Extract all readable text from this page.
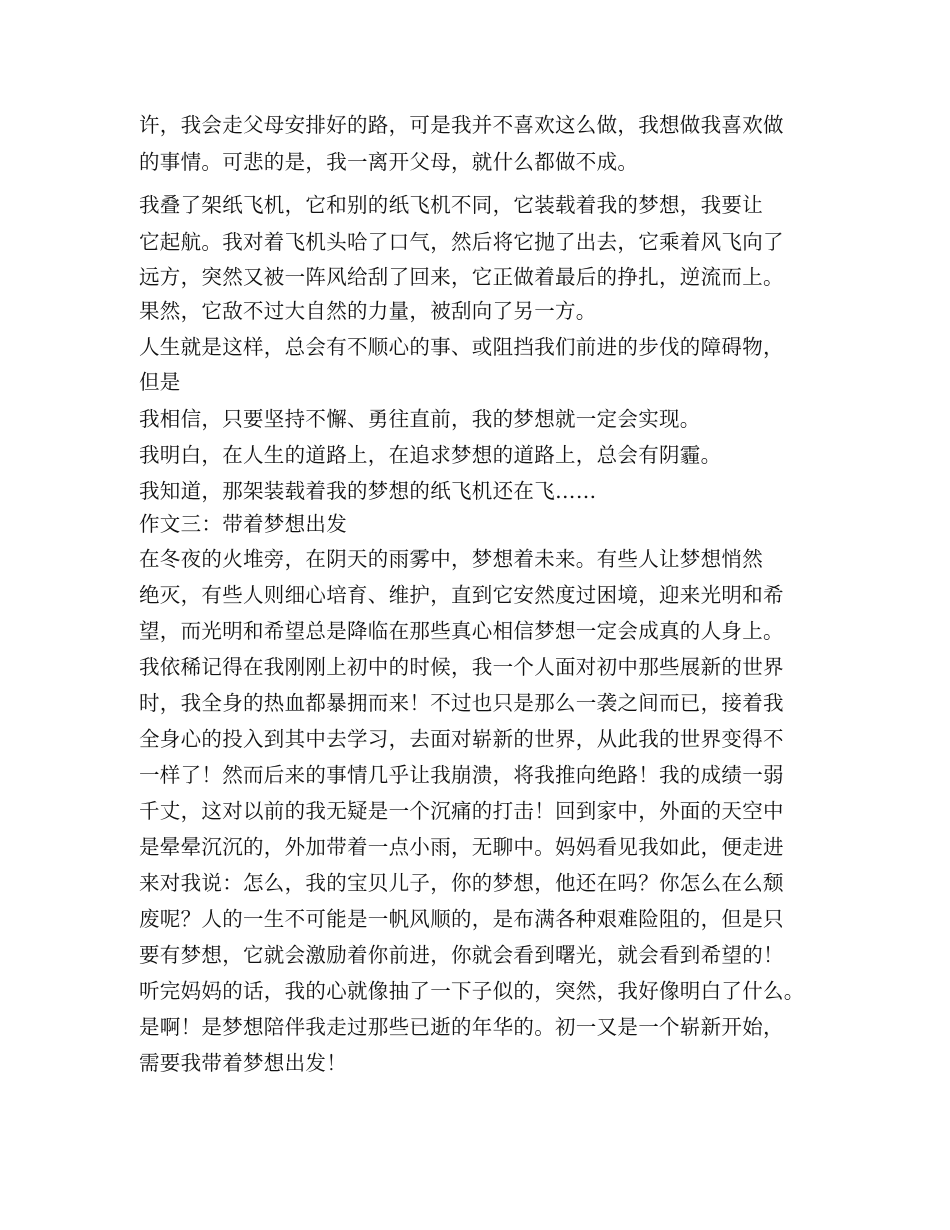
许，我会走父母安排好的路，可是我并不喜欢这么做，我想做我喜欢做
的事情。可悲的是，我一离开父母，就什么都做不成。
我叠了架纸飞机，它和别的纸飞机不同，它装载着我的梦想，我要让
它起航。我对着飞机头哈了口气，然后将它抛了出去，它乘着风飞向了
远方，突然又被一阵风给刮了回来，它正做着最后的挣扎，逆流而上。
果然，它敌不过大自然的力量，被刮向了另一方。
人生就是这样，总会有不顺心的事、或阻挡我们前进的步伐的障碍物，
但是
我相信，只要坚持不懈、勇往直前，我的梦想就一定会实现。
我明白，在人生的道路上，在追求梦想的道路上，总会有阴霾。
我知道，那架装载着我的梦想的纸飞机还在飞……
作文三：带着梦想出发
在冬夜的火堆旁，在阴天的雨雾中，梦想着未来。有些人让梦想悄然
绝灭，有些人则细心培育、维护，直到它安然度过困境，迎来光明和希
望，而光明和希望总是降临在那些真心相信梦想一定会成真的人身上。
我依稀记得在我刚刚上初中的时候，我一个人面对初中那些展新的世界
时，我全身的热血都暴拥而来！不过也只是那么一袭之间而已，接着我
全身心的投入到其中去学习，去面对崭新的世界，从此我的世界变得不
一样了！然而后来的事情几乎让我崩溃，将我推向绝路！我的成绩一弱
千丈，这对以前的我无疑是一个沉痛的打击！回到家中，外面的天空中
是晕晕沉沉的，外加带着一点小雨，无聊中。妈妈看见我如此，便走进
来对我说：怎么，我的宝贝儿子，你的梦想，他还在吗？你怎么在么颓
废呢？人的一生不可能是一帆风顺的，是布满各种艰难险阻的，但是只
要有梦想，它就会激励着你前进，你就会看到曙光，就会看到希望的！
听完妈妈的话，我的心就像抽了一下子似的，突然，我好像明白了什么。
是啊！是梦想陪伴我走过那些已逝的年华的。初一又是一个崭新开始，
需要我带着梦想出发！
